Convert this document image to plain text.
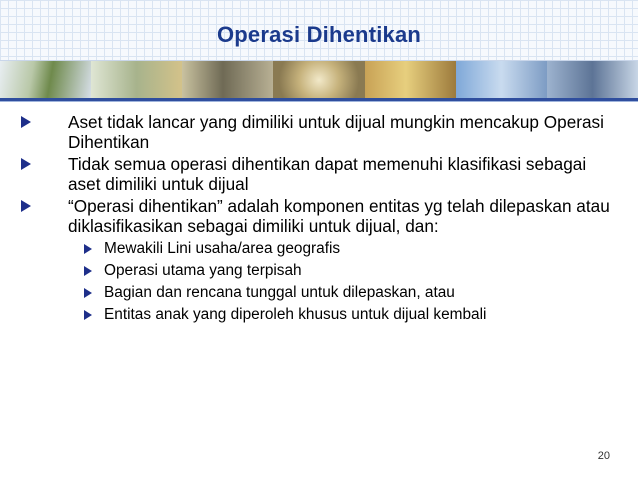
Operasi Dihentikan
Aset tidak lancar yang dimiliki untuk dijual mungkin mencakup Operasi Dihentikan
Tidak semua operasi dihentikan dapat memenuhi klasifikasi sebagai aset dimiliki untuk dijual
“Operasi dihentikan” adalah komponen entitas yg telah dilepaskan atau diklasifikasikan sebagai dimiliki untuk dijual, dan:
Mewakili Lini usaha/area geografis
Operasi utama yang terpisah
Bagian dan rencana tunggal untuk dilepaskan, atau
Entitas anak yang diperoleh khusus untuk dijual kembali
20
